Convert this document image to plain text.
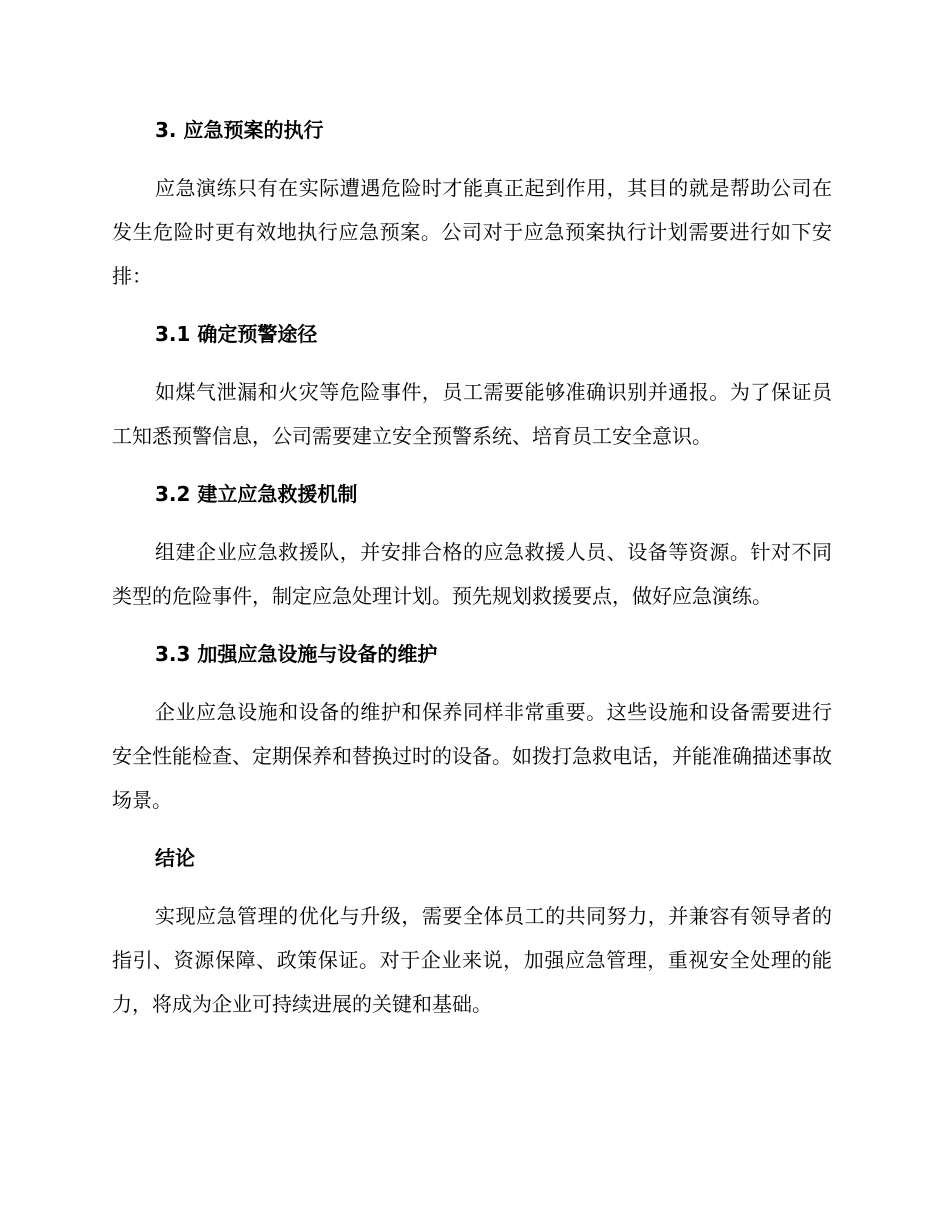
3. 应急预案的执行

应急演练只有在实际遭遇危险时才能真正起到作用，其目的就是帮助公司在发生危险时更有效地执行应急预案。公司对于应急预案执行计划需要进行如下安排：

3.1 确定预警途径

如煤气泄漏和火灾等危险事件，员工需要能够准确识别并通报。为了保证员工知悉预警信息，公司需要建立安全预警系统、培育员工安全意识。

3.2 建立应急救援机制

组建企业应急救援队，并安排合格的应急救援人员、设备等资源。针对不同类型的危险事件，制定应急处理计划。预先规划救援要点，做好应急演练。

3.3 加强应急设施与设备的维护

企业应急设施和设备的维护和保养同样非常重要。这些设施和设备需要进行安全性能检查、定期保养和替换过时的设备。如拨打急救电话，并能准确描述事故场景。

结论

实现应急管理的优化与升级，需要全体员工的共同努力，并兼容有领导者的指引、资源保障、政策保证。对于企业来说，加强应急管理，重视安全处理的能力，将成为企业可持续进展的关键和基础。
